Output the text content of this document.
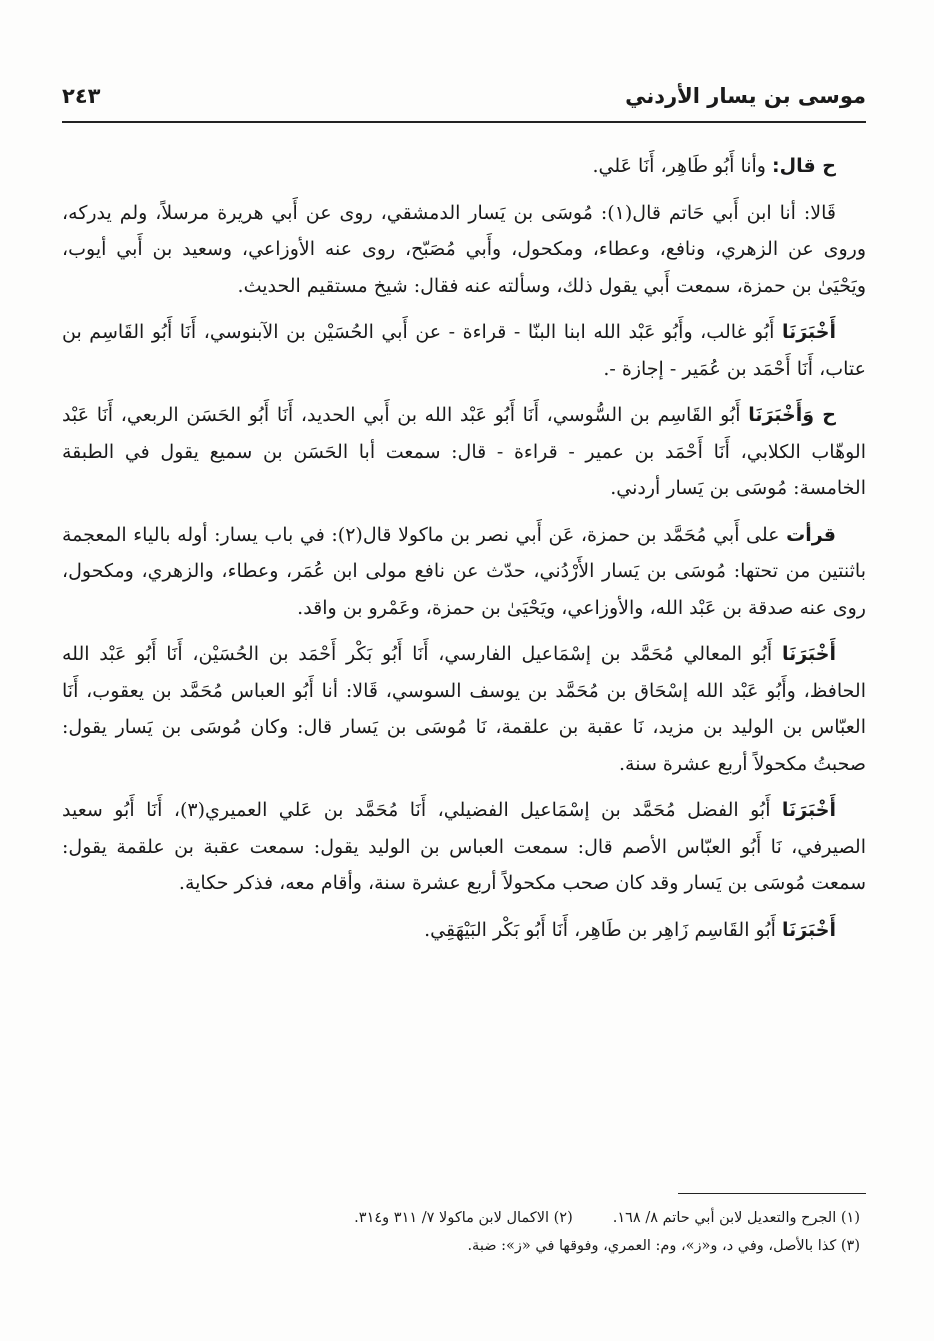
موسى بن يسار الأردني
٢٤٣

ح قال: وأنا أَبُو طَاهِر، أَنَا عَلي.

قَالا: أنا ابن أَبي حَاتم قال(١): مُوسَى بن يَسار الدمشقي، روى عن أَبي هريرة مرسلاً، ولم يدركه، وروى عن الزهري، ونافع، وعطاء، ومكحول، وأَبي مُصَبّح، روى عنه الأوزاعي، وسعيد بن أَبي أيوب، ويَحْيَىٰ بن حمزة، سمعت أَبي يقول ذلك، وسألته عنه فقال: شيخ مستقيم الحديث.

أَخْبَرَنَا أَبُو غالب، وأَبُو عَبْد الله ابنا البنّا - قراءة - عن أَبي الحُسَيْن بن الآبنوسي، أَنَا أَبُو القَاسِم بن عتاب، أَنَا أَحْمَد بن عُمَير - إجازة -.

ح وَأَخْبَرَنَا أَبُو القَاسِم بن السُّوسي، أَنَا أَبُو عَبْد الله بن أَبي الحديد، أَنَا أَبُو الحَسَن الربعي، أَنَا عَبْد الوهّاب الكلابي، أَنَا أَحْمَد بن عمير - قراءة - قال: سمعت أبا الحَسَن بن سميع يقول في الطبقة الخامسة: مُوسَى بن يَسار أردني.

قرأت على أَبي مُحَمَّد بن حمزة، عَن أَبي نصر بن ماكولا قال(٢): في باب يسار: أوله بالياء المعجمة باثنتين من تحتها: مُوسَى بن يَسار الأَرْدُني، حدّث عن نافع مولى ابن عُمَر، وعطاء، والزهري، ومكحول، روى عنه صدقة بن عَبْد الله، والأوزاعي، ويَحْيَىٰ بن حمزة، وعَمْرو بن واقد.

أَخْبَرَنَا أَبُو المعالي مُحَمَّد بن إسْمَاعيل الفارسي، أَنَا أَبُو بَكْر أَحْمَد بن الحُسَيْن، أَنَا أَبُو عَبْد الله الحافظ، وأَبُو عَبْد الله إسْحَاق بن مُحَمَّد بن يوسف السوسي، قَالا: أنا أَبُو العباس مُحَمَّد بن يعقوب، أَنَا العبّاس بن الوليد بن مزيد، نَا عقبة بن علقمة، نَا مُوسَى بن يَسار قال: وكان مُوسَى بن يَسار يقول: صحبتُ مكحولاً أربع عشرة سنة.

أَخْبَرَنَا أَبُو الفضل مُحَمَّد بن إسْمَاعيل الفضيلي، أَنَا مُحَمَّد بن عَلي العميري(٣)، أَنَا أَبُو سعيد الصيرفي، نَا أَبُو العبّاس الأصم قال: سمعت العباس بن الوليد يقول: سمعت عقبة بن علقمة يقول: سمعت مُوسَى بن يَسار وقد كان صحب مكحولاً أربع عشرة سنة، وأقام معه، فذكر حكاية.

أَخْبَرَنَا أَبُو القَاسِم زَاهِر بن طَاهِر، أَنَا أَبُو بَكْر البَيْهَقِي.

(١) الجرح والتعديل لابن أبي حاتم ٨/ ١٦٨.
(٢) الاكمال لابن ماكولا ٧/ ٣١١ و٣١٤.
(٣) كذا بالأصل، وفي د، و«ز»، وم: العمري، وفوقها في «ز»: ضبة.
